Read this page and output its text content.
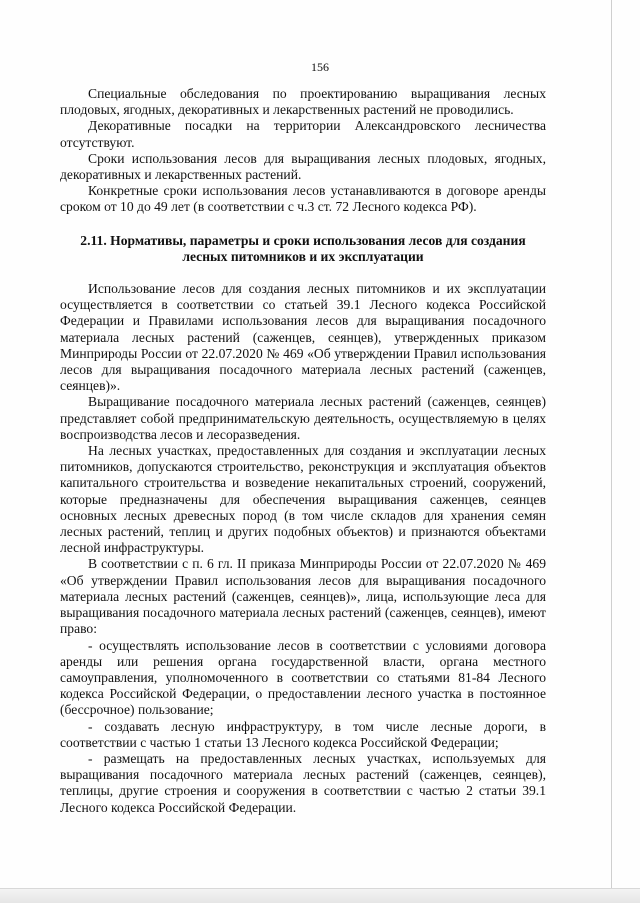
156

Специальные обследования по проектированию выращивания лесных плодовых, ягодных, декоративных и лекарственных растений не проводились.

Декоративные посадки на территории Александровского лесничества отсутствуют.

Сроки использования лесов для выращивания лесных плодовых, ягодных, декоративных и лекарственных растений.

Конкретные сроки использования лесов устанавливаются в договоре аренды сроком от 10 до 49 лет (в соответствии с ч.3 ст. 72 Лесного кодекса РФ).

2.11. Нормативы, параметры и сроки использования лесов для создания лесных питомников и их эксплуатации

Использование лесов для создания лесных питомников и их эксплуатации осуществляется в соответствии со статьей 39.1 Лесного кодекса Российской Федерации и Правилами использования лесов для выращивания посадочного материала лесных растений (саженцев, сеянцев), утвержденных приказом Минприроды России от 22.07.2020 № 469 «Об утверждении Правил использования лесов для выращивания посадочного материала лесных растений (саженцев, сеянцев)».

Выращивание посадочного материала лесных растений (саженцев, сеянцев) представляет собой предпринимательскую деятельность, осуществляемую в целях воспроизводства лесов и лесоразведения.

На лесных участках, предоставленных для создания и эксплуатации лесных питомников, допускаются строительство, реконструкция и эксплуатация объектов капитального строительства и возведение некапитальных строений, сооружений, которые предназначены для обеспечения выращивания саженцев, сеянцев основных лесных древесных пород (в том числе складов для хранения семян лесных растений, теплиц и других подобных объектов) и признаются объектами лесной инфраструктуры.

В соответствии с п. 6 гл. II приказа Минприроды России от 22.07.2020 № 469 «Об утверждении Правил использования лесов для выращивания посадочного материала лесных растений (саженцев, сеянцев)», лица, использующие леса для выращивания посадочного материала лесных растений (саженцев, сеянцев), имеют право:

- осуществлять использование лесов в соответствии с условиями договора аренды или решения органа государственной власти, органа местного самоуправления, уполномоченного в соответствии со статьями 81-84 Лесного кодекса Российской Федерации, о предоставлении лесного участка в постоянное (бессрочное) пользование;

- создавать лесную инфраструктуру, в том числе лесные дороги, в соответствии с частью 1 статьи 13 Лесного кодекса Российской Федерации;

- размещать на предоставленных лесных участках, используемых для выращивания посадочного материала лесных растений (саженцев, сеянцев), теплицы, другие строения и сооружения в соответствии с частью 2 статьи 39.1 Лесного кодекса Российской Федерации.
